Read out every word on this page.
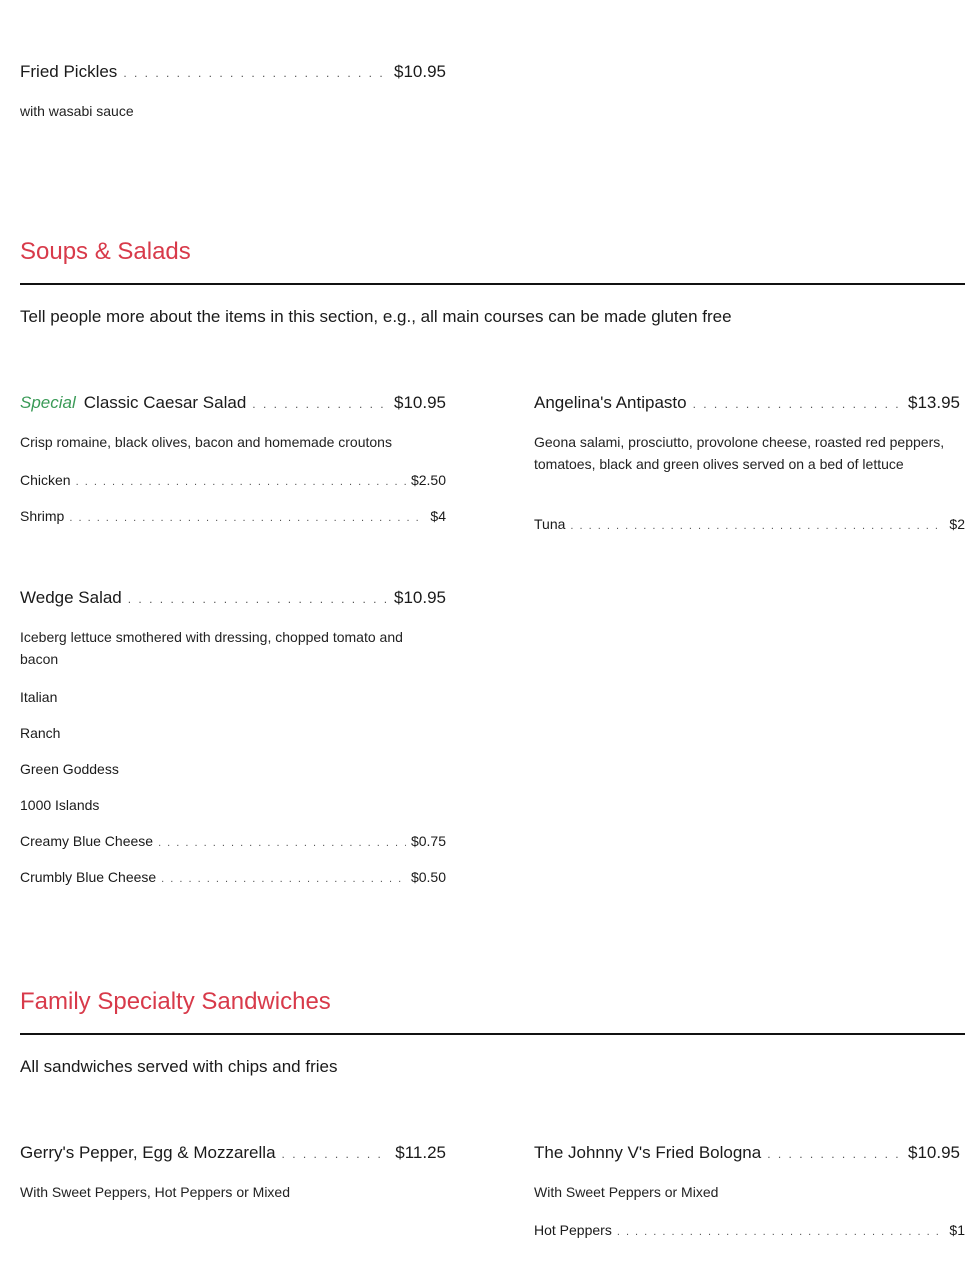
Fried Pickles . . .	$10.95
with wasabi sauce
Soups & Salads
Tell people more about the items in this section, e.g., all main courses can be made gluten free
Special Classic Caesar Salad . . .	$10.95
Crisp romaine, black olives, bacon and homemade croutons
Chicken . . .	$2.50
Shrimp . . .	$4
Angelina's Antipasto . . .	$13.95
Geona salami, prosciutto, provolone cheese, roasted red peppers, tomatoes, black and green olives served on a bed of lettuce
Tuna . . .	$2
Wedge Salad . . .	$10.95
Iceberg lettuce smothered with dressing, chopped tomato and bacon
Italian
Ranch
Green Goddess
1000 Islands
Creamy Blue Cheese . . .	$0.75
Crumbly Blue Cheese . . .	$0.50
Family Specialty Sandwiches
All sandwiches served with chips and fries
Gerry's Pepper, Egg & Mozzarella . . .	$11.25
With Sweet Peppers, Hot Peppers or Mixed
The Johnny V's Fried Bologna . . .	$10.95
With Sweet Peppers or Mixed
Hot Peppers . . .	$1
